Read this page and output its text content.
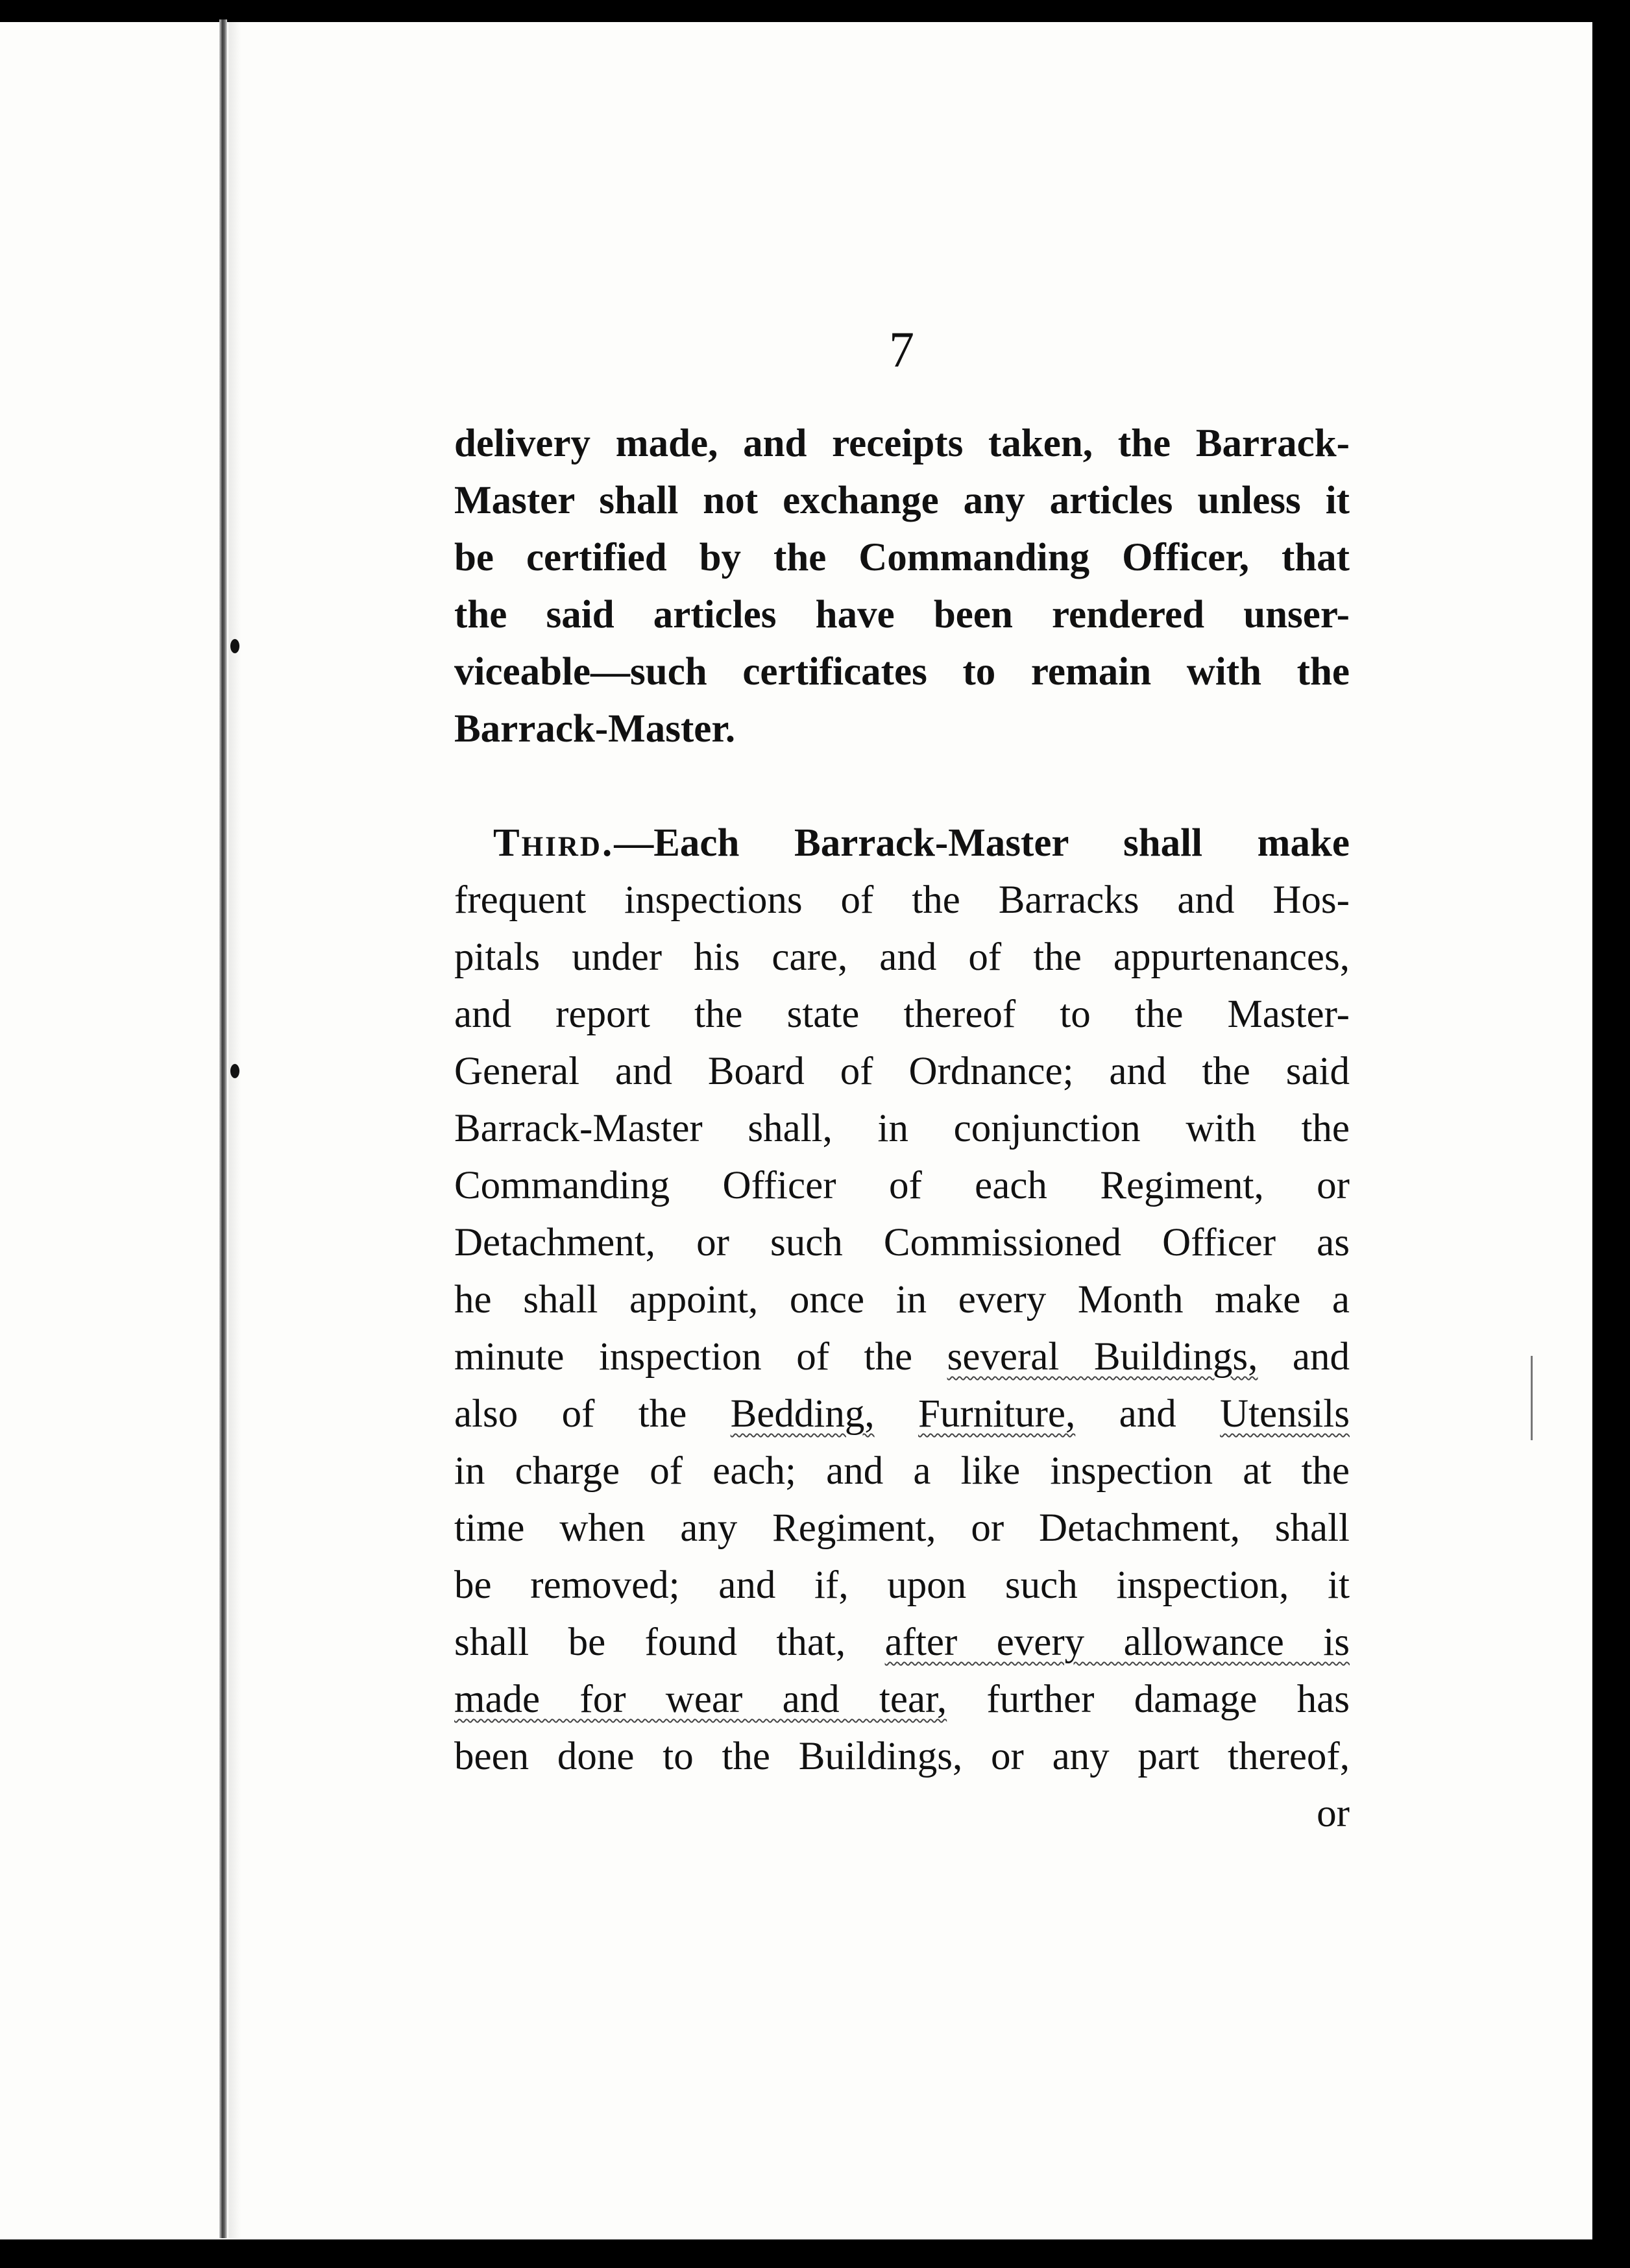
7
delivery made, and receipts taken, the Barrack-
Master shall not exchange any articles unless it
be certified by the Commanding Officer, that
the said articles have been rendered unser-
viceable—such certificates to remain with the
Barrack-Master.
Third.—Each Barrack-Master shall make
frequent inspections of the Barracks and Hos-
pitals under his care, and of the appurtenances,
and report the state thereof to the Master-
General and Board of Ordnance; and the said
Barrack-Master shall, in conjunction with the
Commanding Officer of each Regiment, or
Detachment, or such Commissioned Officer as
he shall appoint, once in every Month make a
minute inspection of the several Buildings, and
also of the Bedding, Furniture, and Utensils
in charge of each; and a like inspection at the
time when any Regiment, or Detachment, shall
be removed; and if, upon such inspection, it
shall be found that, after every allowance is
made for wear and tear, further damage has
been done to the Buildings, or any part thereof,
or
